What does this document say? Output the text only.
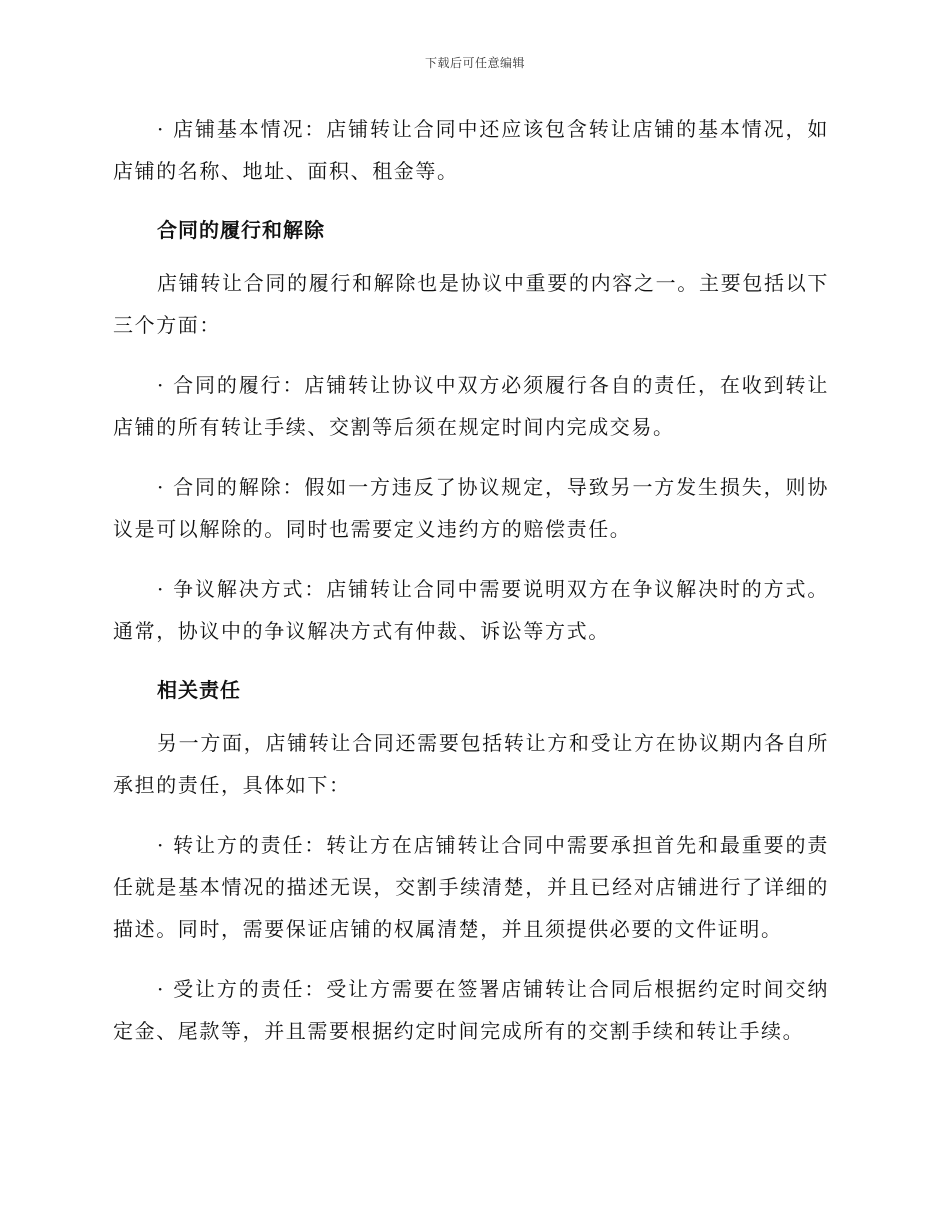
下载后可任意编辑

· 店铺基本情况：店铺转让合同中还应该包含转让店铺的基本情况，如店铺的名称、地址、面积、租金等。

合同的履行和解除

店铺转让合同的履行和解除也是协议中重要的内容之一。主要包括以下三个方面：

· 合同的履行：店铺转让协议中双方必须履行各自的责任，在收到转让店铺的所有转让手续、交割等后须在规定时间内完成交易。

· 合同的解除：假如一方违反了协议规定，导致另一方发生损失，则协议是可以解除的。同时也需要定义违约方的赔偿责任。

· 争议解决方式：店铺转让合同中需要说明双方在争议解决时的方式。通常，协议中的争议解决方式有仲裁、诉讼等方式。

相关责任

另一方面，店铺转让合同还需要包括转让方和受让方在协议期内各自所承担的责任，具体如下：

· 转让方的责任：转让方在店铺转让合同中需要承担首先和最重要的责任就是基本情况的描述无误，交割手续清楚，并且已经对店铺进行了详细的描述。同时，需要保证店铺的权属清楚，并且须提供必要的文件证明。

· 受让方的责任：受让方需要在签署店铺转让合同后根据约定时间交纳定金、尾款等，并且需要根据约定时间完成所有的交割手续和转让手续。
